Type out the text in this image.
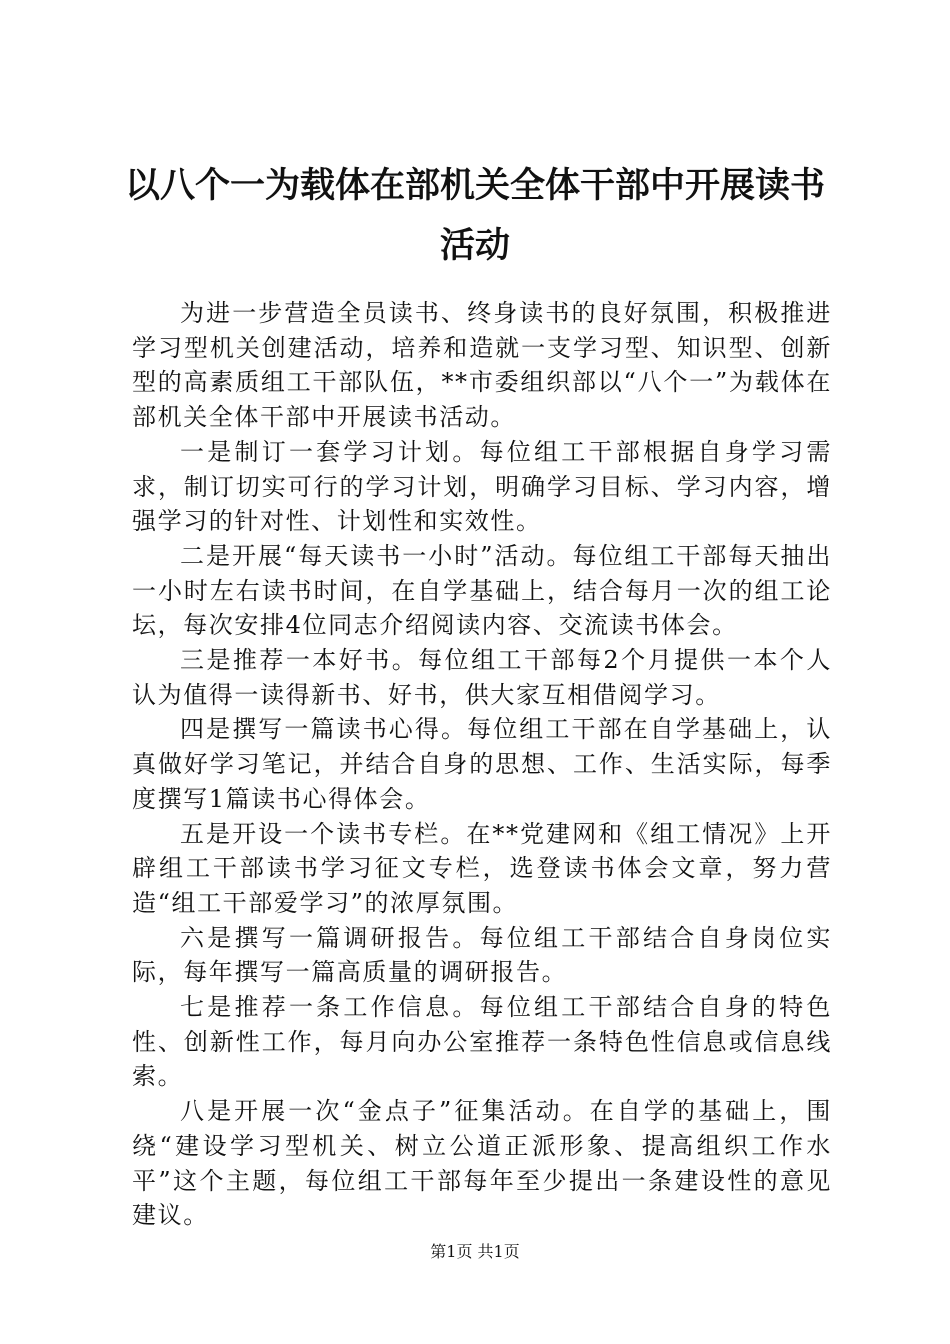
以八个一为载体在部机关全体干部中开展读书活动

为进一步营造全员读书、终身读书的良好氛围，积极推进学习型机关创建活动，培养和造就一支学习型、知识型、创新型的高素质组工干部队伍，**市委组织部以“八个一”为载体在部机关全体干部中开展读书活动。

一是制订一套学习计划。每位组工干部根据自身学习需求，制订切实可行的学习计划，明确学习目标、学习内容，增强学习的针对性、计划性和实效性。

二是开展“每天读书一小时”活动。每位组工干部每天抽出一小时左右读书时间，在自学基础上，结合每月一次的组工论坛，每次安排4位同志介绍阅读内容、交流读书体会。

三是推荐一本好书。每位组工干部每2个月提供一本个人认为值得一读得新书、好书，供大家互相借阅学习。

四是撰写一篇读书心得。每位组工干部在自学基础上，认真做好学习笔记，并结合自身的思想、工作、生活实际，每季度撰写1篇读书心得体会。

五是开设一个读书专栏。在**党建网和《组工情况》上开辟组工干部读书学习征文专栏，选登读书体会文章，努力营造“组工干部爱学习”的浓厚氛围。

六是撰写一篇调研报告。每位组工干部结合自身岗位实际，每年撰写一篇高质量的调研报告。

七是推荐一条工作信息。每位组工干部结合自身的特色性、创新性工作，每月向办公室推荐一条特色性信息或信息线索。

八是开展一次“金点子”征集活动。在自学的基础上，围绕“建设学习型机关、树立公道正派形象、提高组织工作水平”这个主题，每位组工干部每年至少提出一条建设性的意见建议。

第1页 共1页
